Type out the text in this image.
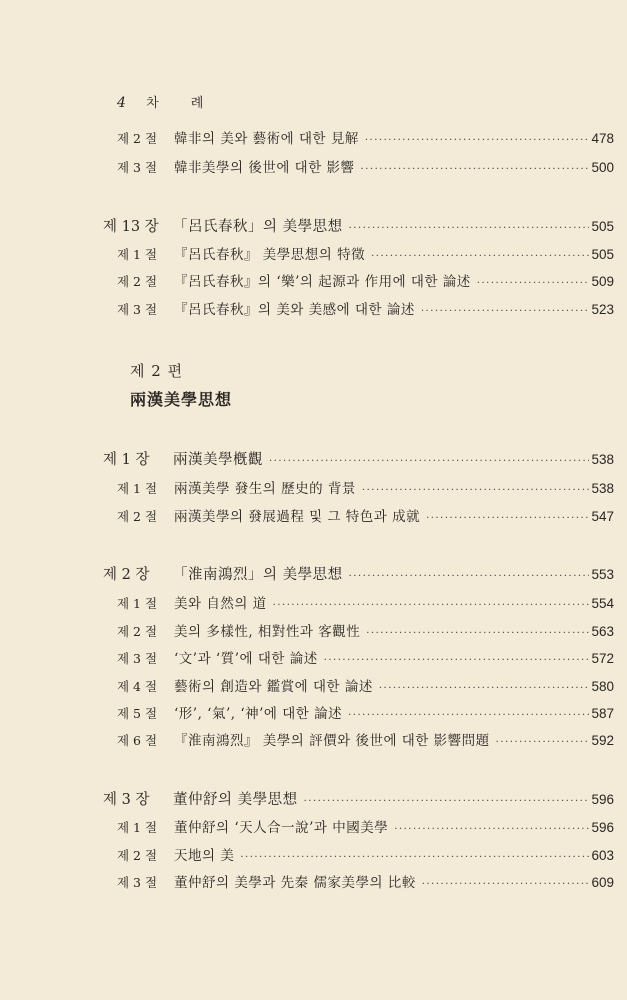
4 차 례
제 2 절	韓非의 美와 藝術에 대한 見解 ·····	478
제 3 절	韓非美學의 後世에 대한 影響 ·····	500
제 13 장 「呂氏春秋」의 美學思想 ·····	505
제 1 절	『呂氏春秋』 美學思想의 特徵 ·····	505
제 2 절	『呂氏春秋』의 ‘樂’의 起源과 作用에 대한 論述 ·····	509
제 3 절	『呂氏春秋』의 美와 美感에 대한 論述 ·····	523
제 2 편
兩漢美學思想
제 1 장	兩漢美學槪觀 ·····	538
제 1 절	兩漢美學 發生의 歷史的 背景 ·····	538
제 2 절	兩漢美學의 發展過程 및 그 特色과 成就 ·····	547
제 2 장	「淮南鴻烈」의 美學思想 ·····	553
제 1 절	美와 自然의 道 ·····	554
제 2 절	美의 多樣性, 相對性과 客觀性 ·····	563
제 3 절	‘文’과 ‘質’에 대한 論述 ·····	572
제 4 절	藝術의 創造와 鑑賞에 대한 論述 ·····	580
제 5 절	‘形’, ‘氣’, ‘神’에 대한 論述 ·····	587
제 6 절	『淮南鴻烈』 美學의 評價와 後世에 대한 影響問題 ·····	592
제 3 장	董仲舒의 美學思想 ·····	596
제 1 절	董仲舒의 ‘天人合一說’과 中國美學 ·····	596
제 2 절	天地의 美 ·····	603
제 3 절	董仲舒의 美學과 先秦 儒家美學의 比較 ·····	609
